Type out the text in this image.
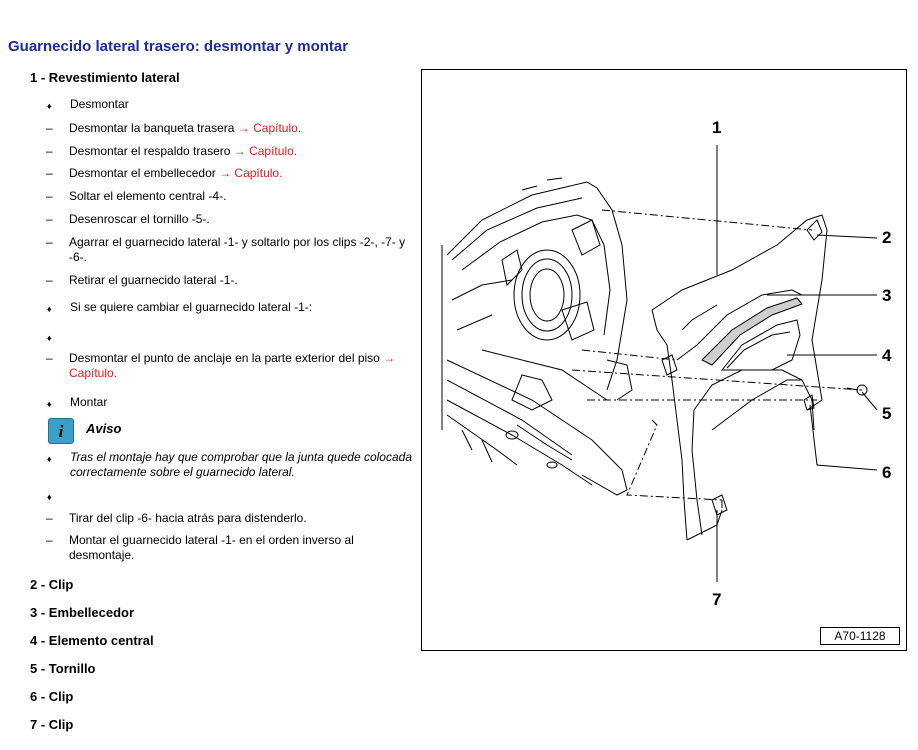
Guarnecido lateral trasero: desmontar y montar
1 - Revestimiento lateral
♦	Desmontar
–	Desmontar la banqueta trasera → Capítulo.
–	Desmontar el respaldo trasero → Capítulo.
–	Desmontar el embellecedor → Capítulo.
–	Soltar el elemento central -4-.
–	Desenroscar el tornillo -5-.
–	Agarrar el guarnecido lateral -1- y soltarlo por los clips -2-, -7- y -6-.
–	Retirar el guarnecido lateral -1-.
♦	Si se quiere cambiar el guarnecido lateral -1-:
♦
–	Desmontar el punto de anclaje en la parte exterior del piso → Capítulo.
♦	Montar
i Aviso
♦	Tras el montaje hay que comprobar que la junta quede colocada correctamente sobre el guarnecido lateral.
♦
–	Tirar del clip -6- hacia atrás para distenderlo.
–	Montar el guarnecido lateral -1- en el orden inverso al desmontaje.
2 - Clip
3 - Embellecedor
4 - Elemento central
5 - Tornillo
6 - Clip
7 - Clip
1
2
3
4
5
6
7
A70-1128
